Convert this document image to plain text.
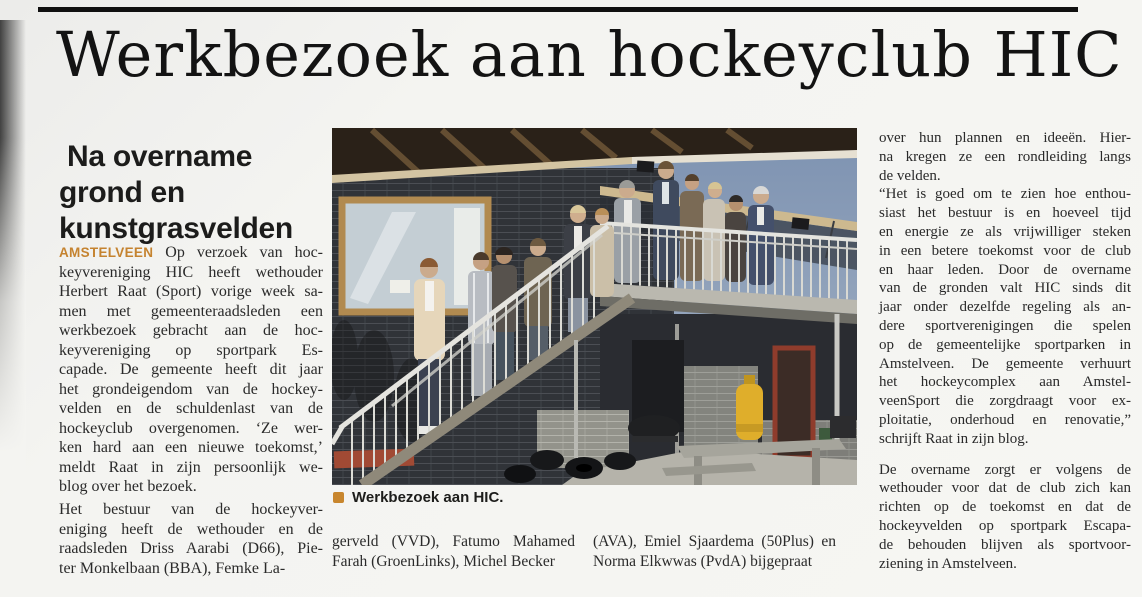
Werkbezoek aan hockeyclub HIC
Na overname
grond en
kunstgrasvelden
AMSTELVEEN Op verzoek van hoc-
keyvereniging HIC heeft wethouder
Herbert Raat (Sport) vorige week sa-
men met gemeenteraadsleden een
werkbezoek gebracht aan de hoc-
keyvereniging op sportpark Es-
capade. De gemeente heeft dit jaar
het grondeigendom van de hockey-
velden en de schuldenlast van de
hockeyclub overgenomen. ‘Ze wer-
ken hard aan een nieuwe toekomst,’
meldt Raat in zijn persoonlijk we-
blog over het bezoek.
Het bestuur van de hockeyver-
eniging heeft de wethouder en de
raadsleden Driss Aarabi (D66), Pie-
ter Monkelbaan (BBA), Femke La-
Werkbezoek aan HIC.
gerveld (VVD), Fatumo Mahamed
Farah (GroenLinks), Michel Becker
(AVA), Emiel Sjaardema (50Plus) en
Norma Elkwwas (PvdA) bijgepraat
over hun plannen en ideeën. Hier-
na kregen ze een rondleiding langs
de velden.
“Het is goed om te zien hoe enthou-
siast het bestuur is en hoeveel tijd
en energie ze als vrijwilliger steken
in een betere toekomst voor de club
en haar leden. Door de overname
van de gronden valt HIC sinds dit
jaar onder dezelfde regeling als an-
dere sportverenigingen die spelen
op de gemeentelijke sportparken in
Amstelveen. De gemeente verhuurt
het hockeycomplex aan Amstel-
veenSport die zorgdraagt voor ex-
ploitatie, onderhoud en renovatie,”
schrijft Raat in zijn blog.
De overname zorgt er volgens de
wethouder voor dat de club zich kan
richten op de toekomst en dat de
hockeyvelden op sportpark Escapa-
de behouden blijven als sportvoor-
ziening in Amstelveen.
